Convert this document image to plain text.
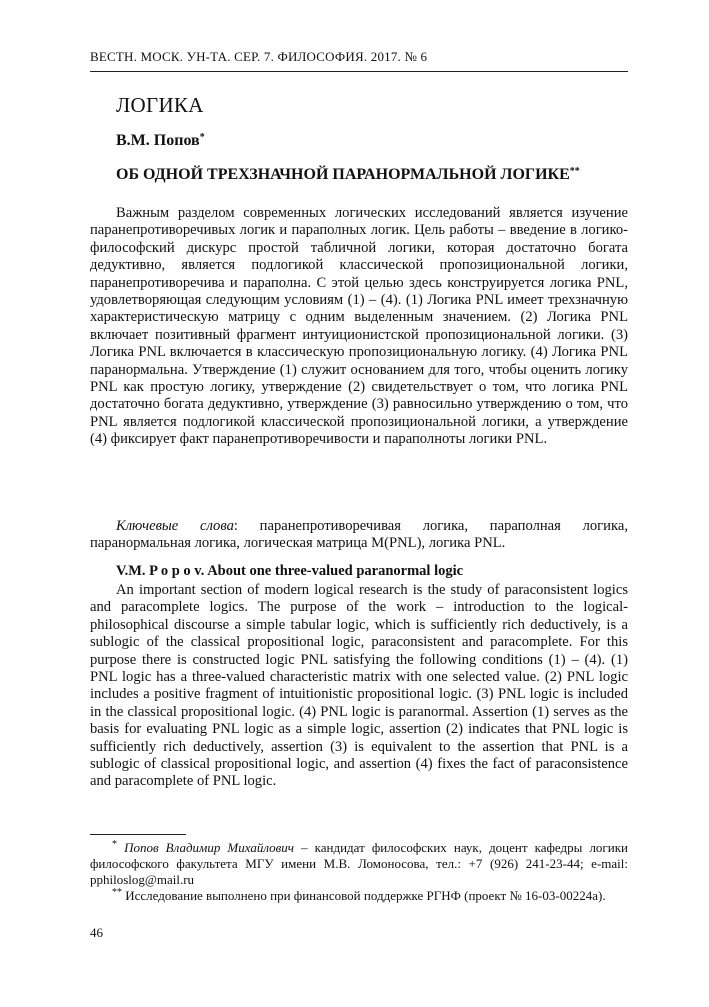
ВЕСТН. МОСК. УН-ТА. СЕР. 7. ФИЛОСОФИЯ. 2017. № 6
ЛОГИКА
В.М. Попов*
ОБ ОДНОЙ ТРЕХЗНАЧНОЙ ПАРАНОРМАЛЬНОЙ ЛОГИКЕ**

Важным разделом современных логических исследований является изучение паранепротиворечивых логик и параполных логик. Цель работы – введение в логико-философский дискурс простой табличной логики, которая достаточно богата дедуктивно, является подлогикой классической пропозициональной логики, паранепротиворечива и параполна. С этой целью здесь конструируется логика PNL, удовлетворяющая следующим условиям (1) – (4). (1) Логика PNL имеет трехзначную характеристическую матрицу с одним выделенным значением. (2) Логика PNL включает позитивный фрагмент интуиционистской пропозициональной логики. (3) Логика PNL включается в классическую пропозициональную логику. (4) Логика PNL паранормальна. Утверждение (1) служит основанием для того, чтобы оценить логику PNL как простую логику, утверждение (2) свидетельствует о том, что логика PNL достаточно богата дедуктивно, утверждение (3) равносильно утверждению о том, что PNL является подлогикой классической пропозициональной логики, а утверждение (4) фиксирует факт паранепротиворечивости и параполноты логики PNL.

Ключевые слова: паранепротиворечивая логика, параполная логика, паранормальная логика, логическая матрица M(PNL), логика PNL.

V.M. P o p o v. About one three-valued paranormal logic

An important section of modern logical research is the study of paraconsistent logics and paracomplete logics. The purpose of the work – introduction to the logical-philosophical discourse a simple tabular logic, which is sufficiently rich deductively, is a sublogic of the classical propositional logic, paraconsistent and paracomplete. For this purpose there is constructed logic PNL satisfying the following conditions (1) – (4). (1) PNL logic has a three-valued characteristic matrix with one selected value. (2) PNL logic includes a positive fragment of intuitionistic propositional logic. (3) PNL logic is included in the classical propositional logic. (4) PNL logic is paranormal. Assertion (1) serves as the basis for evaluating PNL logic as a simple logic, assertion (2) indicates that PNL logic is sufficiently rich deductively, assertion (3) is equivalent to the assertion that PNL is a sublogic of classical propositional logic, and assertion (4) fixes the fact of paraconsistence and paracomplete of PNL logic.

* Попов Владимир Михайлович – кандидат философских наук, доцент кафедры логики философского факультета МГУ имени М.В. Ломоносова, тел.: +7 (926) 241-23-44; e-mail: pphiloslog@mail.ru

** Исследование выполнено при финансовой поддержке РГНФ (проект № 16-03-00224а).

46
